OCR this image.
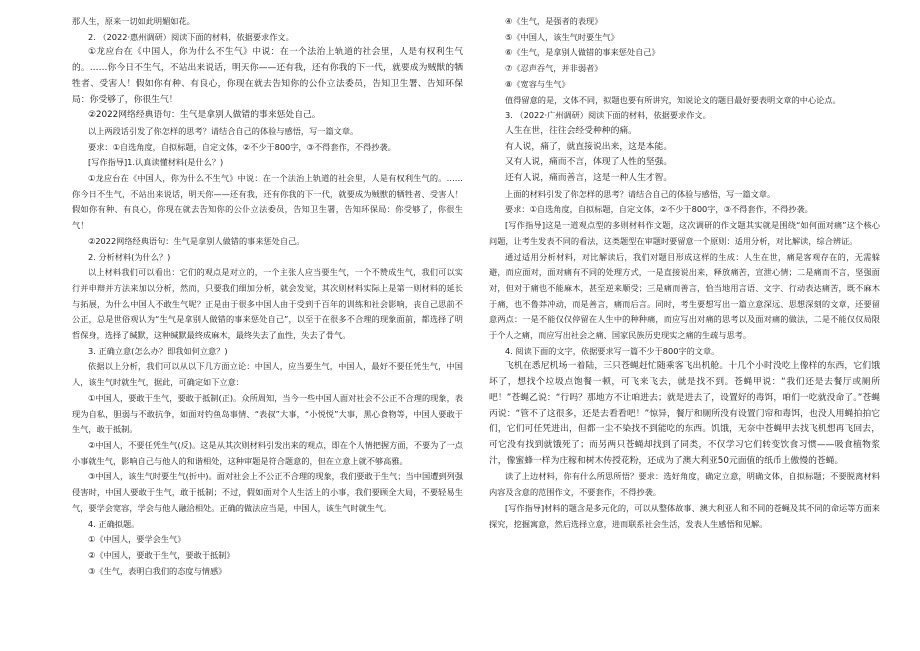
那人生，原来一切如此明媚如花。

2. （2022·惠州调研）阅读下面的材料，依据要求作文。

①龙应台在《中国人，你为什么不生气》中说：在一个法治上轨道的社会里，人是有权利生气的。……你今日不生气，不站出来说话，明天你——还有我，还有你我的下一代，就要成为贼獣的牺牲者、受害人！假如你有种、有良心，你现在就去告知你的公仆立法委员，告知卫生署、告知环保局：你受够了，你很生气！

②2022网络经典语句：生气是拿别人做错的事来惩处自己。

以上两段话引发了你怎样的思考？请结合自己的体验与感悟，写一篇文章。

要求：①自选角度，自拟标题，自定文体，②不少于800字，③不得套作，不得抄袭。

[写作指导]1.认真读懂材料(是什么？)

①龙应台在《中国人，你为什么不生气》中说：在一个法治上轨道的社会里，人是有权利生气的。……你今日不生气，不站出来说话，明天你——还有我，还有你我的下一代，就要成为贼獣的牺牲者、受害人！假如你有种、有良心，你现在就去告知你的公仆立法委员，告知卫生署，告知环保局：你受够了，你很生气！

②2022网络经典语句：生气是拿别人做错的事来惩处自己。

2. 分析材料(为什么？)

以上材料我们可以看出：它们的观点是对立的，一个主张人应当要生气，一个不赞成生气，我们可以实行并申辩并方法来加以分析，然而，只要我们细加分析，就会发觉，其次则材料实际上是第一则材料的延长与拓展，为什么中国人不敢生气呢？正是由于很多中国人由于受到千百年的训练和社会影响，丧自己思前不公正，总是世俗观认为“生气是拿别人做错的事来惩处自己”，以至于在很多不合理的现象面前，都选择了明哲保身，选择了缄默，这种缄默最终成麻木，最终失去了血性，失去了骨气。

3. 正确立意(怎么办？即我如何立意？)

依据以上分析，我们可以从以下几方面立论：中国人，应当要生气，中国人，最好不要任凭生气，中国人，该生气时就生气，据此，可确定如下立意：

①中国人，要敢于生气，要敢于抵制(正)。众所周知，当今一些中国人面对社会不公正不合理的现象，表现为自私，胆弱与不敢抗争，如面对钓鱼岛事情、“表叔”大事，“小悦悦”大事，黑心食物等，中国人要敢于生气，敢于抵制。

②中国人，不要任凭生气(反)。这是从其次则材料引发出来的观点，即在个人情把握方面，不要为了一点小事就生气，影响自己与他人的和谐相处，这种审题是符合题意的，但在立意上就不够高雅。

③中国人，该生气时要生气(折中)。面对社会上不公正不合理的现象，我们要敢于生气；当中国遭到列强侵害时，中国人要敢于生气，敢于抵制；不过，假如面对个人生活上的小事，我们要顾全大局，不要轻易生气，要学会宽容，学会与他人融洽相处。正确的做法应当是，中国人，该生气时就生气。

4. 正确拟题。

①《中国人，要学会生气》

②《中国人，要敢于生气，要敢于抵制》

③《生气，表明白我们的态度与情感》

④《生气，是强者的表现》

⑤《中国人，该生气时要生气》

⑥《生气，是拿别人做错的事来惩处自己》

⑦《忍声吞气，并非弱者》

⑧《宽容与生气》

值得留意的是，文体不同，拟题也要有所讲究，知说论文的题目最好要表明文章的中心论点。

3. （2022·广州调研）阅读下面的材料，依据要求作文。

人生在世，往往会经受种种的痛。

有人说，痛了，就直接说出来，这是本能。

又有人说，痛而不言，体现了人性的坚强。

还有人说，痛而善言，这是一种人生才智。

上面的材料引发了你怎样的思考？请结合自己的体验与感悟，写一篇文章。

要求：①自选角度，自拟标题，自定文体，②不少于800字，③不得套作，不得抄袭。

[写作指导]这是一道观点型的多则材料作文题，这次调研的作文题其实就是围绕“如何面对痛”这个核心问题，让考生发表不同的看法，这类题型在审题时要留意一个原则：适用分析，对比解读，综合辨证。

通过适用分析材料，对比解读后，我们对题目形成这样的生成：人生在世，痛是客观存在的，无需躲避，而应面对，面对痛有不同的处理方式，一是直接说出来，释放痛苦，宣泄心情；二是痛而不言，坚强面对，但对于痛也不能麻木，甚至逆来顺受；三是痛而善言，恰当地用言语、文字、行动表达痛苦，既不麻木于痛，也不鲁莽冲动，而是善言，痛而后言。同时，考生要想写出一篇立意深远、思想深刻的文章，还要留意两点：一是不能仅仅停留在人生中的种种痛，而应写出对痛的思考以及面对痛的做法，二是不能仅仅局限于个人之痛，而应写出社会之痛、国家民族历史现实之痛的生疏与思考。

4. 阅读下面的文字，依据要求写一篇不少于800字的文章。

飞机在悉尼机场一着陆，三只苍蝇赶忙随乘客飞出机舱。十几个小时没吃上像样的东西，它们饿坏了，想找个垃圾点饱餐一顿，可飞来飞去，就是找不到。苍蝇甲说：“我们还是去餐厅或厕所吧！”苍蝇乙说：“行吗？那地方不让咱进去；就是进去了，设置好的毒饵，咱们一吃就没命了。”苍蝇丙说：“管不了这很多，还是去看看吧！”惊异，餐厅和厕所没有设置门帘和毒饵，也没人用蝇拍拍它们，它们可任凭进出，但都一尘不染找不到能吃的东西。饥饿，无奈中苍蝇甲去找飞机想再飞回去，可它没有找到就饿死了；而另两只苍蝇却找到了同类，不仅学习它们转变饮食习惯——吸食植物浆汁，像蜜蜂一样为庄稼和树木传授花粉，还成为了澳大利亚50元面值的纸币上傲慢的苍蝇。

读了上边材料，你有什么所思所悟？要求：选好角度，确定立意，明确文体，自拟标题；不要脱离材料内容及含意的范围作文，不要套作，不得抄袭。

[写作指导]材料的题含是多元化的，可以从整体故事、澳大利亚人和不同的苍蝇及其不同的命运等方面来探究，挖掘寓意，然后选择立意，进而联系社会生活，发表人生感悟和见解。
